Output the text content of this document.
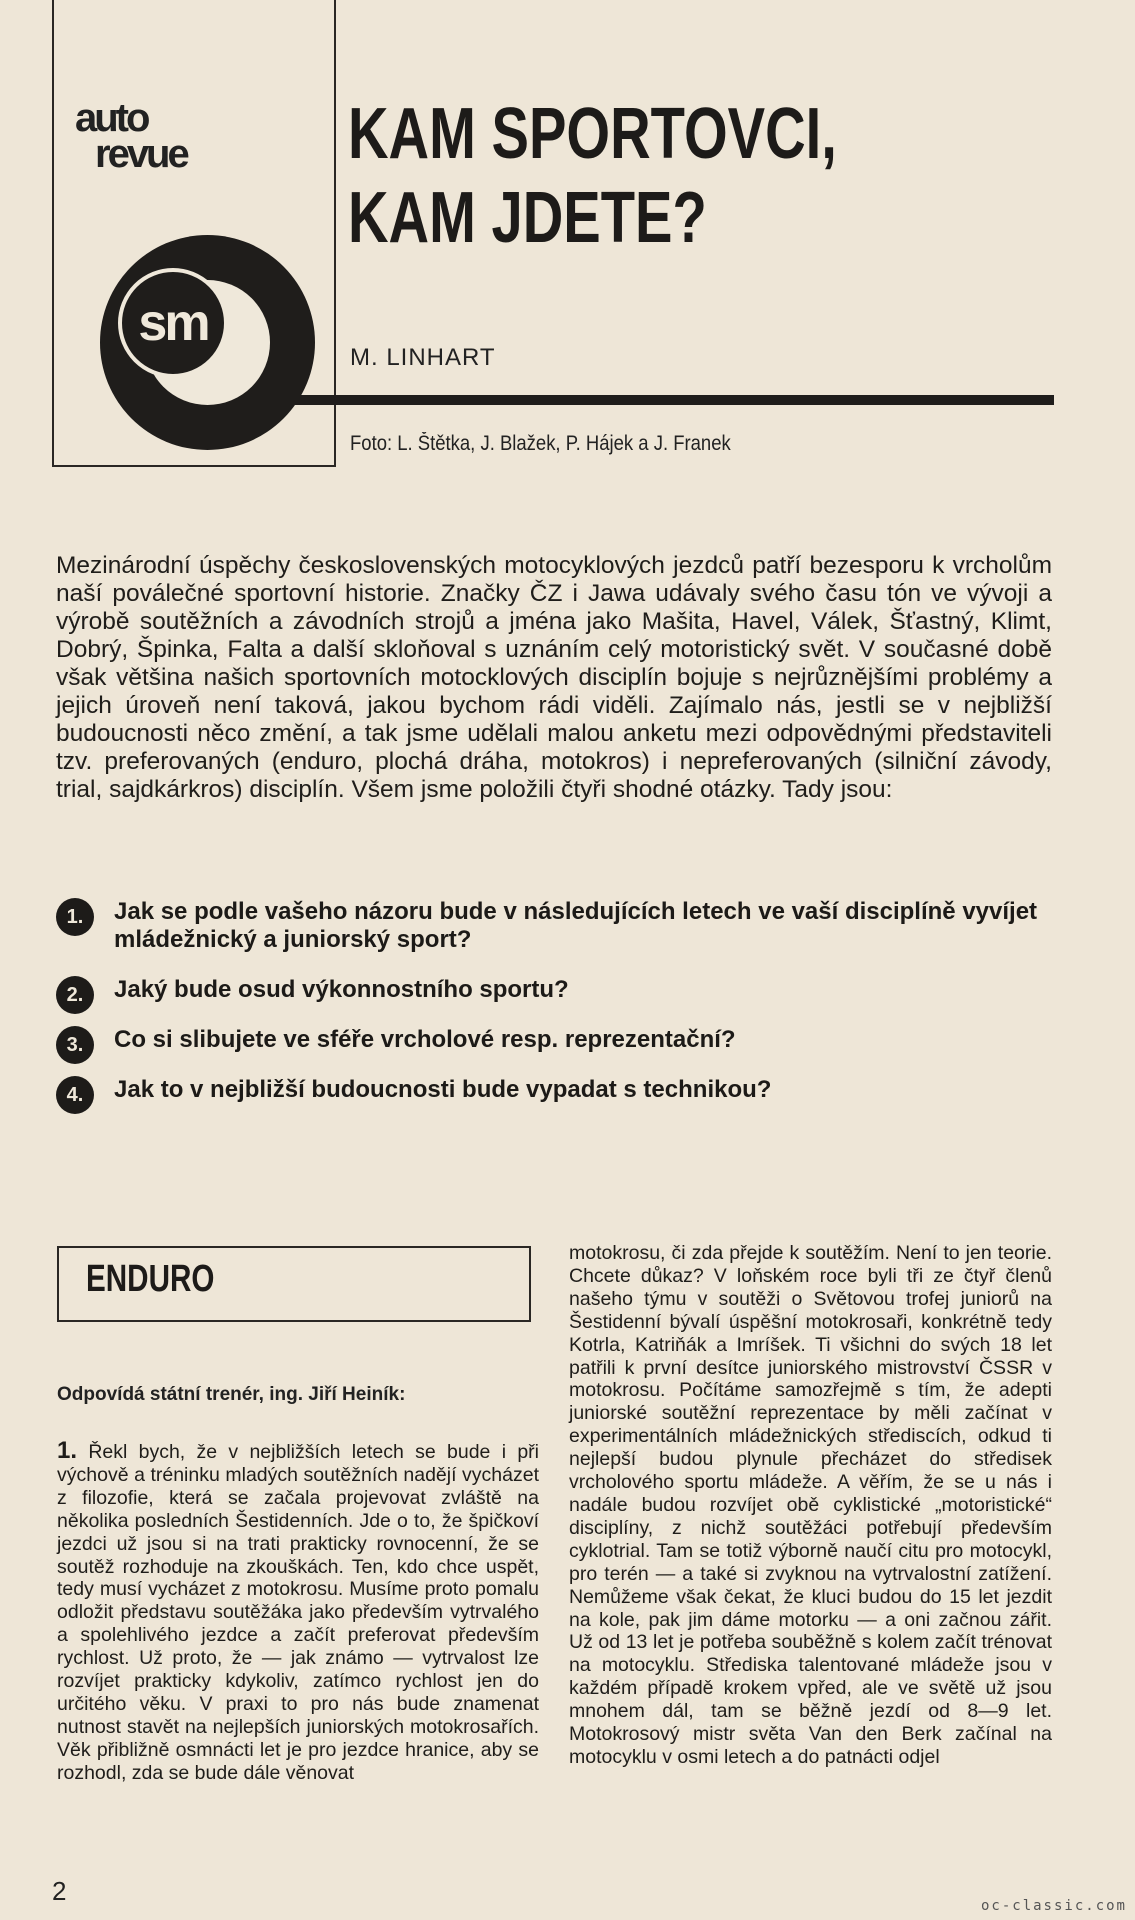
auto
revue
sm
KAM SPORTOVCI,
KAM JDETE?
M. LINHART
Foto: L. Štětka, J. Blažek, P. Hájek a J. Franek
Mezinárodní úspěchy československých motocyklových jezdců patří bezesporu k vrcholům naší poválečné sportovní historie. Značky ČZ i Jawa udávaly svého času tón ve vývoji a výrobě soutěžních a závodních strojů a jména jako Mašita, Havel, Válek, Šťastný, Klimt, Dobrý, Špinka, Falta a další skloňoval s uznáním celý motoristický svět. V současné době však většina našich sportovních motocklových disciplín bojuje s nejrůznějšími problémy a jejich úroveň není taková, jakou bychom rádi viděli. Zajímalo nás, jestli se v nejbližší budoucnosti něco změní, a tak jsme udělali malou anketu mezi odpovědnými představiteli tzv. preferovaných (enduro, plochá dráha, motokros) i nepreferovaných (silniční závody, trial, sajdkárkros) disciplín. Všem jsme položili čtyři shodné otázky. Tady jsou:
1.	Jak se podle vašeho názoru bude v následujících letech ve vaší disciplíně vyvíjet mládežnický a juniorský sport?
2.	Jaký bude osud výkonnostního sportu?
3.	Co si slibujete ve sféře vrcholové resp. reprezentační?
4.	Jak to v nejbližší budoucnosti bude vypadat s technikou?
ENDURO
Odpovídá státní trenér, ing. Jiří Heiník:
1. Řekl bych, že v nejbližších letech se bude i při výchově a tréninku mladých soutěžních nadějí vycházet z filozofie, která se začala projevovat zvláště na několika posledních Šestidenních. Jde o to, že špičkoví jezdci už jsou si na trati prakticky rovnocenní, že se soutěž rozhoduje na zkouškách. Ten, kdo chce uspět, tedy musí vycházet z motokrosu. Musíme proto pomalu odložit představu soutěžáka jako především vytrvalého a spolehlivého jezdce a začít preferovat především rychlost. Už proto, že — jak známo — vytrvalost lze rozvíjet prakticky kdykoliv, zatímco rychlost jen do určitého věku. V praxi to pro nás bude znamenat nutnost stavět na nejlepších juniorských motokrosařích. Věk přibližně osmnácti let je pro jezdce hranice, aby se rozhodl, zda se bude dále věnovat
motokrosu, či zda přejde k soutěžím. Není to jen teorie. Chcete důkaz? V loňském roce byli tři ze čtyř členů našeho týmu v soutěži o Světovou trofej juniorů na Šestidenní bývalí úspěšní motokrosaři, konkrétně tedy Kotrla, Katriňák a Imríšek. Ti všichni do svých 18 let patřili k první desítce juniorského mistrovství ČSSR v motokrosu. Počítáme samozřejmě s tím, že adepti juniorské soutěžní reprezentace by měli začínat v experimentálních mládežnických střediscích, odkud ti nejlepší budou plynule přecházet do středisek vrcholového sportu mládeže. A věřím, že se u nás i nadále budou rozvíjet obě cyklistické „motoristické“ disciplíny, z nichž soutěžáci potřebují především cyklotrial. Tam se totiž výborně naučí citu pro motocykl, pro terén — a také si zvyknou na vytrvalostní zatížení. Nemůžeme však čekat, že kluci budou do 15 let jezdit na kole, pak jim dáme motorku — a oni začnou zářit. Už od 13 let je potřeba souběžně s kolem začít trénovat na motocyklu. Střediska talentované mládeže jsou v každém případě krokem vpřed, ale ve světě už jsou mnohem dál, tam se běžně jezdí od 8—9 let. Motokrosový mistr světa Van den Berk začínal na motocyklu v osmi letech a do patnácti odjel
2	oc-classic.com
